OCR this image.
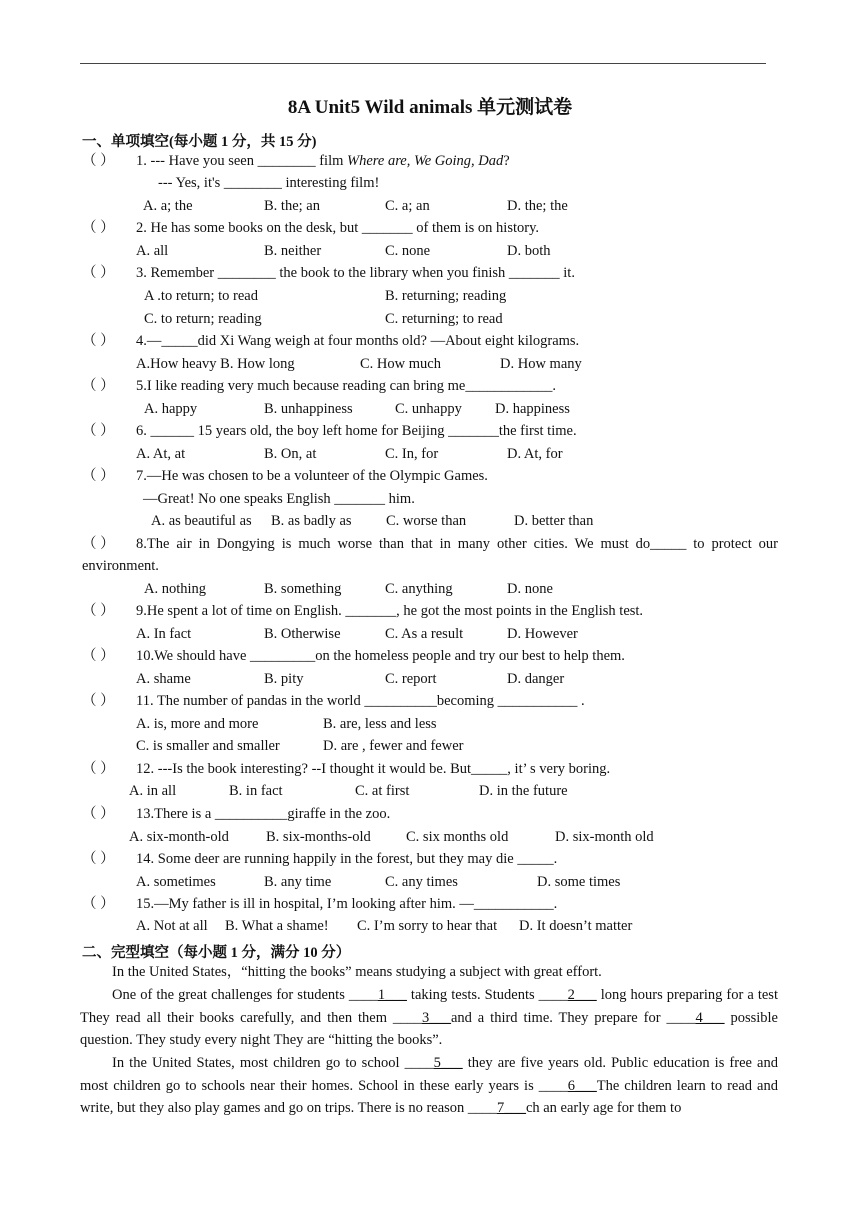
8A Unit5 Wild animals 单元测试卷
一、单项填空(每小题 1 分，共 15 分)
（ ） 1. --- Have you seen ________ film Where are, We Going, Dad?
--- Yes, it's ________ interesting film!
A. a; the	B. the; an	C. a; an	D. the; the
（ ） 2. He has some books on the desk, but _______ of them is on history.
A. all	B. neither	C. none	D. both
（ ） 3. Remember ________ the book to the library when you finish _______ it.
A .to return; to read	B. returning; reading
C. to return; reading	C. returning; to read
（ ） 4.—_____did Xi Wang weigh at four months old? —About eight kilograms.
A.How heavy B. How long	C. How much	D. How many
（ ） 5.I like reading very much because reading can bring me____________.
A. happy	B. unhappiness	C. unhappy D. happiness
（ ） 6. ______ 15 years old, the boy left home for Beijing _______the first time.
A. At, at	B. On, at	C. In, for	D. At, for
（ ） 7.—He was chosen to be a volunteer of the Olympic Games.
—Great! No one speaks English _______ him.
A. as beautiful as B. as badly as C. worse than	D. better than
（ ） 8.The air in Dongying is much worse than that in many other cities. We must do_____ to protect our
environment.
A. nothing	B. something	C. anything	D. none
（ ） 9.He spent a lot of time on English. _______, he got the most points in the English test.
A. In fact	B. Otherwise	C. As a result	D. However
（ ） 10.We should have _________on the homeless people and try our best to help them.
A. shame	B. pity	C. report	D. danger
（ ） 11. The number of pandas in the world __________becoming ___________ .
A. is, more and more	B. are, less and less
C. is smaller and smaller	D. are , fewer and fewer
（ ） 12. ---Is the book interesting? --I thought it would be. But_____, it’ s very boring.
A. in all	B. in fact	C. at first	D. in the future
（ ） 13.There is a __________giraffe in the zoo.
A. six-month-old	B. six-months-old C. six months old	D. six-month old
（ ） 14. Some deer are running happily in the forest, but they may die _____.
A. sometimes	B. any time	C. any times	D. some times
（ ） 15.—My father is ill in hospital, I’m looking after him. —___________.
A. Not at all B. What a shame! C. I’m sorry to hear that D. It doesn’t matter
二、完型填空（每小题 1 分，满分 10 分）
In the United States，“hitting the books” means studying a subject with great effort.
One of the great challenges for students ____1___ taking tests. Students ____2___ long hours preparing for a test They read all their books carefully, and then them ____3___and a third time. They prepare for ____4___ possible question. They study every night They are “hitting the books”.
In the United States, most children go to school ____5___ they are five years old. Public education is free and most children go to schools near their homes. School in these early years is ____6___The children learn to read and write, but they also play games and go on trips. There is no reason ____7___ch an early age for them to
